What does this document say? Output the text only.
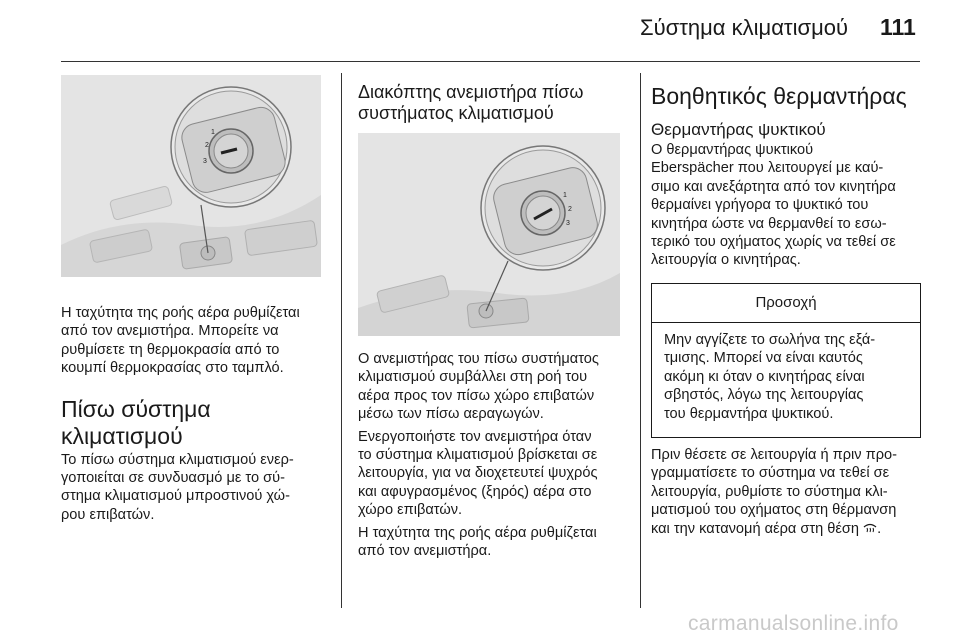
Σύστημα κλιματισμού 111
1
2
3

Η ταχύτητα της ροής αέρα ρυθμίζεται
από τον ανεμιστήρα. Μπορείτε να
ρυθμίσετε τη θερμοκρασία από το
κουμπί θερμοκρασίας στο ταμπλό.

Πίσω σύστημα
κλιματισμού

Το πίσω σύστημα κλιματισμού ενερ-
γοποιείται σε συνδυασμό με το σύ-
στημα κλιματισμού μπροστινού χώ-
ρου επιβατών.

Διακόπτης ανεμιστήρα πίσω
συστήματος κλιματισμού
1
2
3

Ο ανεμιστήρας του πίσω συστήματος
κλιματισμού συμβάλλει στη ροή του
αέρα προς τον πίσω χώρο επιβατών
μέσω των πίσω αεραγωγών.

Ενεργοποιήστε τον ανεμιστήρα όταν
το σύστημα κλιματισμού βρίσκεται σε
λειτουργία, για να διοχετευτεί ψυχρός
και αφυγρασμένος (ξηρός) αέρα στο
χώρο επιβατών.

Η ταχύτητα της ροής αέρα ρυθμίζεται
από τον ανεμιστήρα.

Βοηθητικός θερμαντήρας
Θερμαντήρας ψυκτικού

Ο θερμαντήρας ψυκτικού
Eberspächer που λειτουργεί με καύ-
σιμο και ανεξάρτητα από τον κινητήρα
θερμαίνει γρήγορα το ψυκτικό του
κινητήρα ώστε να θερμανθεί το εσω-
τερικό του οχήματος χωρίς να τεθεί σε
λειτουργία ο κινητήρας.

Προσοχή

Μην αγγίζετε το σωλήνα της εξά-
τμισης. Μπορεί να είναι καυτός
ακόμη κι όταν ο κινητήρας είναι
σβηστός, λόγω της λειτουργίας
του θερμαντήρα ψυκτικού.

Πριν θέσετε σε λειτουργία ή πριν προ-
γραμματίσετε το σύστημα να τεθεί σε
λειτουργία, ρυθμίστε το σύστημα κλι-
ματισμού του οχήματος στη θέρμανση
και την κατανομή αέρα στη θέση .

carmanualsonline.info
